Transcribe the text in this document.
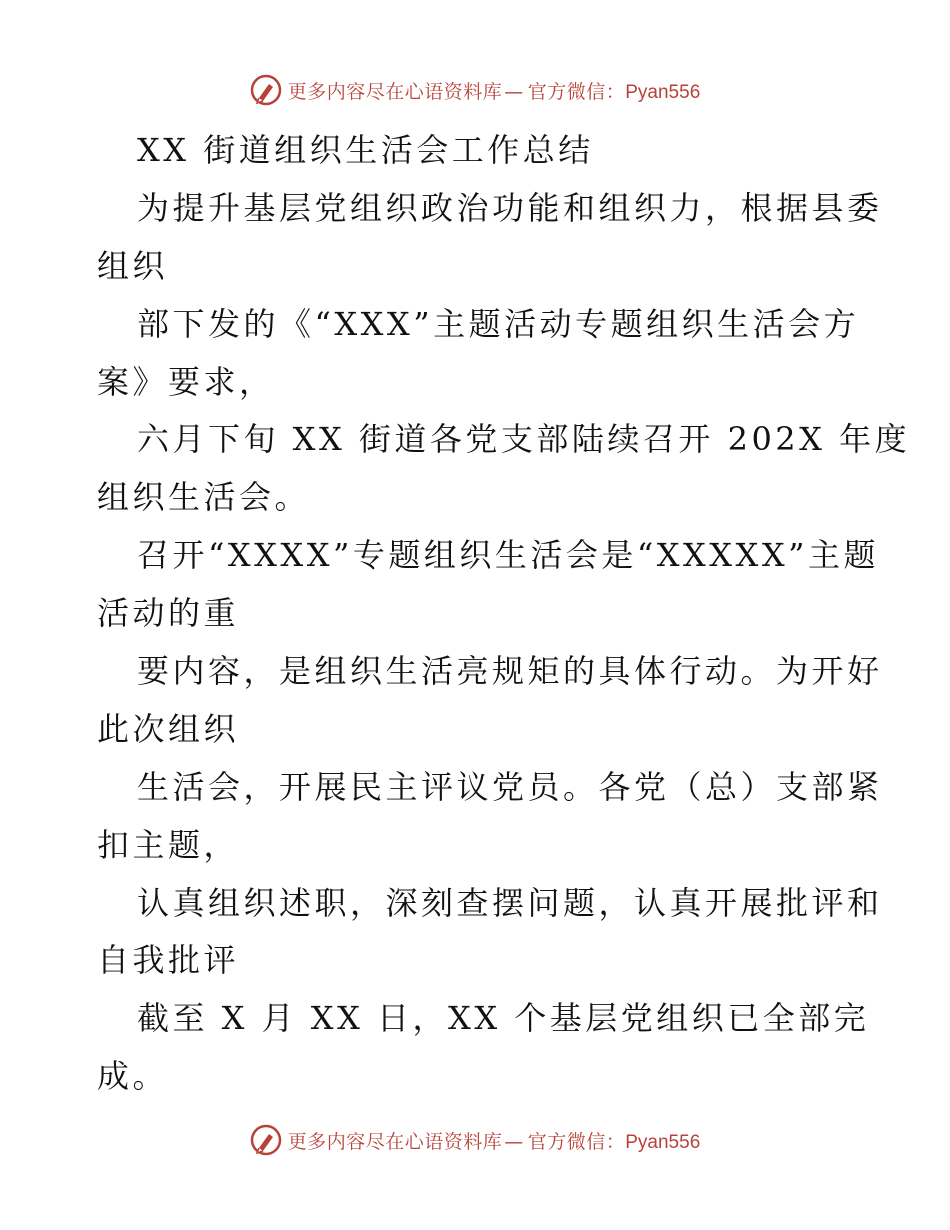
更多内容尽在心语资料库 — 官方微信：Pyan556
XX 街道组织生活会工作总结
为提升基层党组织政治功能和组织力，根据县委
组织
部下发的《“XXX”主题活动专题组织生活会方
案》要求，
六月下旬 XX 街道各党支部陆续召开 202X 年度
组织生活会。
召开“XXXX”专题组织生活会是“XXXXX”主题
活动的重
要内容，是组织生活亮规矩的具体行动。为开好
此次组织
生活会，开展民主评议党员。各党（总）支部紧
扣主题，
认真组织述职，深刻查摆问题，认真开展批评和
自我批评
截至 X 月 XX 日，XX 个基层党组织已全部完
成。
更多内容尽在心语资料库 — 官方微信：Pyan556
